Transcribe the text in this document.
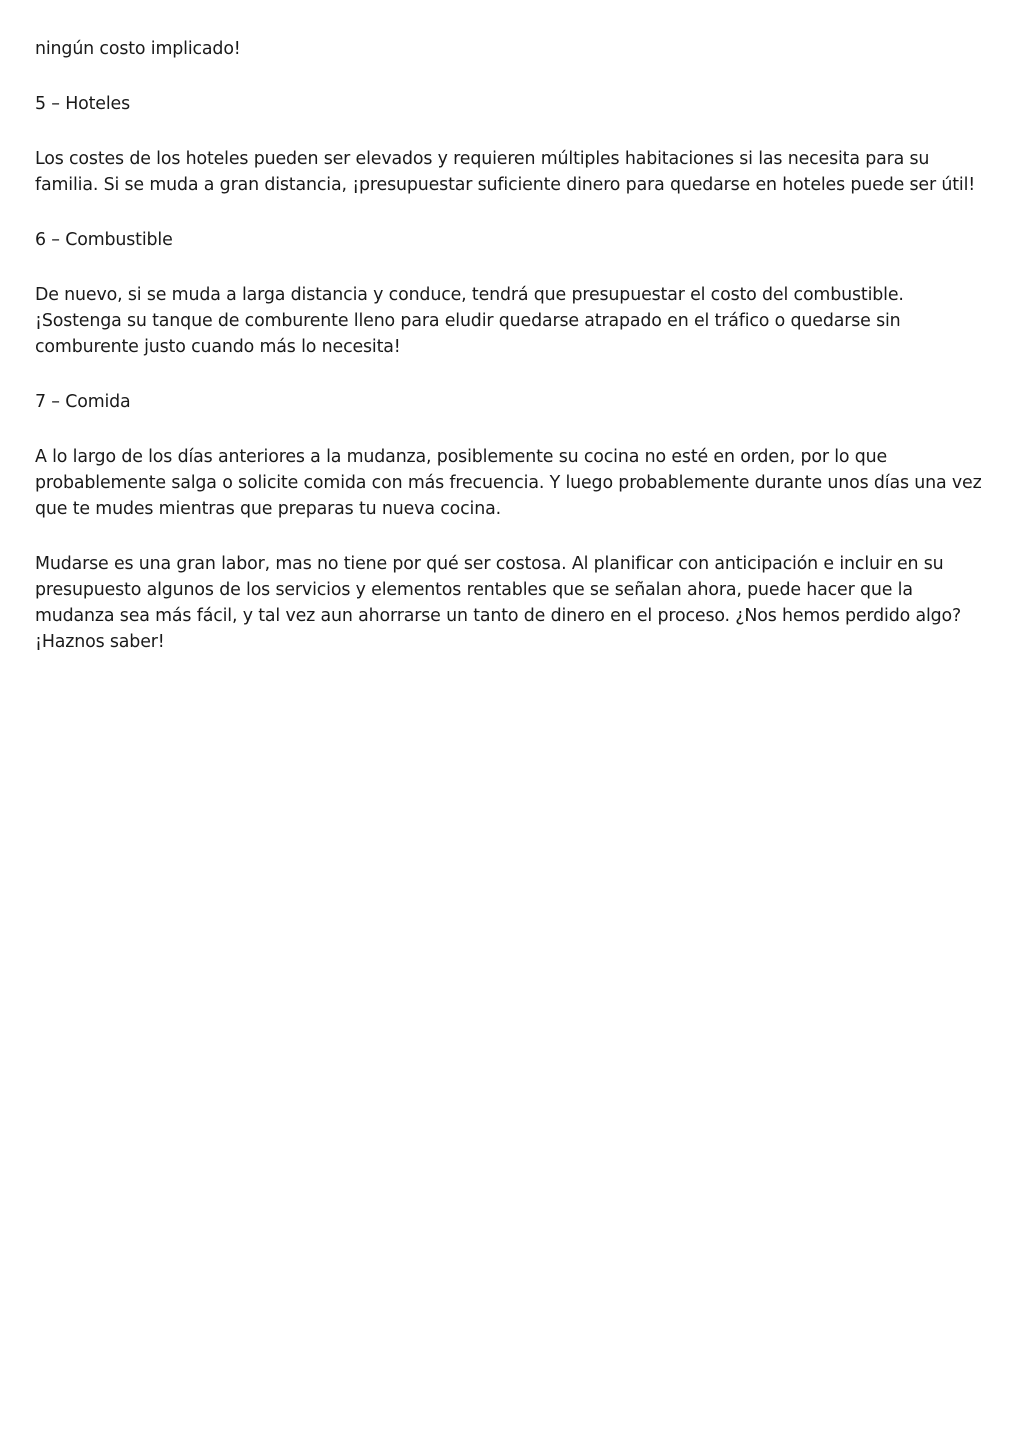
ningún costo implicado!

5 – Hoteles

Los costes de los hoteles pueden ser elevados y requieren múltiples habitaciones si las necesita para su familia. Si se muda a gran distancia, ¡presupuestar suficiente dinero para quedarse en hoteles puede ser útil!

6 – Combustible

De nuevo, si se muda a larga distancia y conduce, tendrá que presupuestar el costo del combustible. ¡Sostenga su tanque de comburente lleno para eludir quedarse atrapado en el tráfico o quedarse sin comburente justo cuando más lo necesita!

7 – Comida

A lo largo de los días anteriores a la mudanza, posiblemente su cocina no esté en orden, por lo que probablemente salga o solicite comida con más frecuencia. Y luego probablemente durante unos días una vez que te mudes mientras que preparas tu nueva cocina.

Mudarse es una gran labor, mas no tiene por qué ser costosa. Al planificar con anticipación e incluir en su presupuesto algunos de los servicios y elementos rentables que se señalan ahora, puede hacer que la mudanza sea más fácil, y tal vez aun ahorrarse un tanto de dinero en el proceso. ¿Nos hemos perdido algo? ¡Haznos saber!
